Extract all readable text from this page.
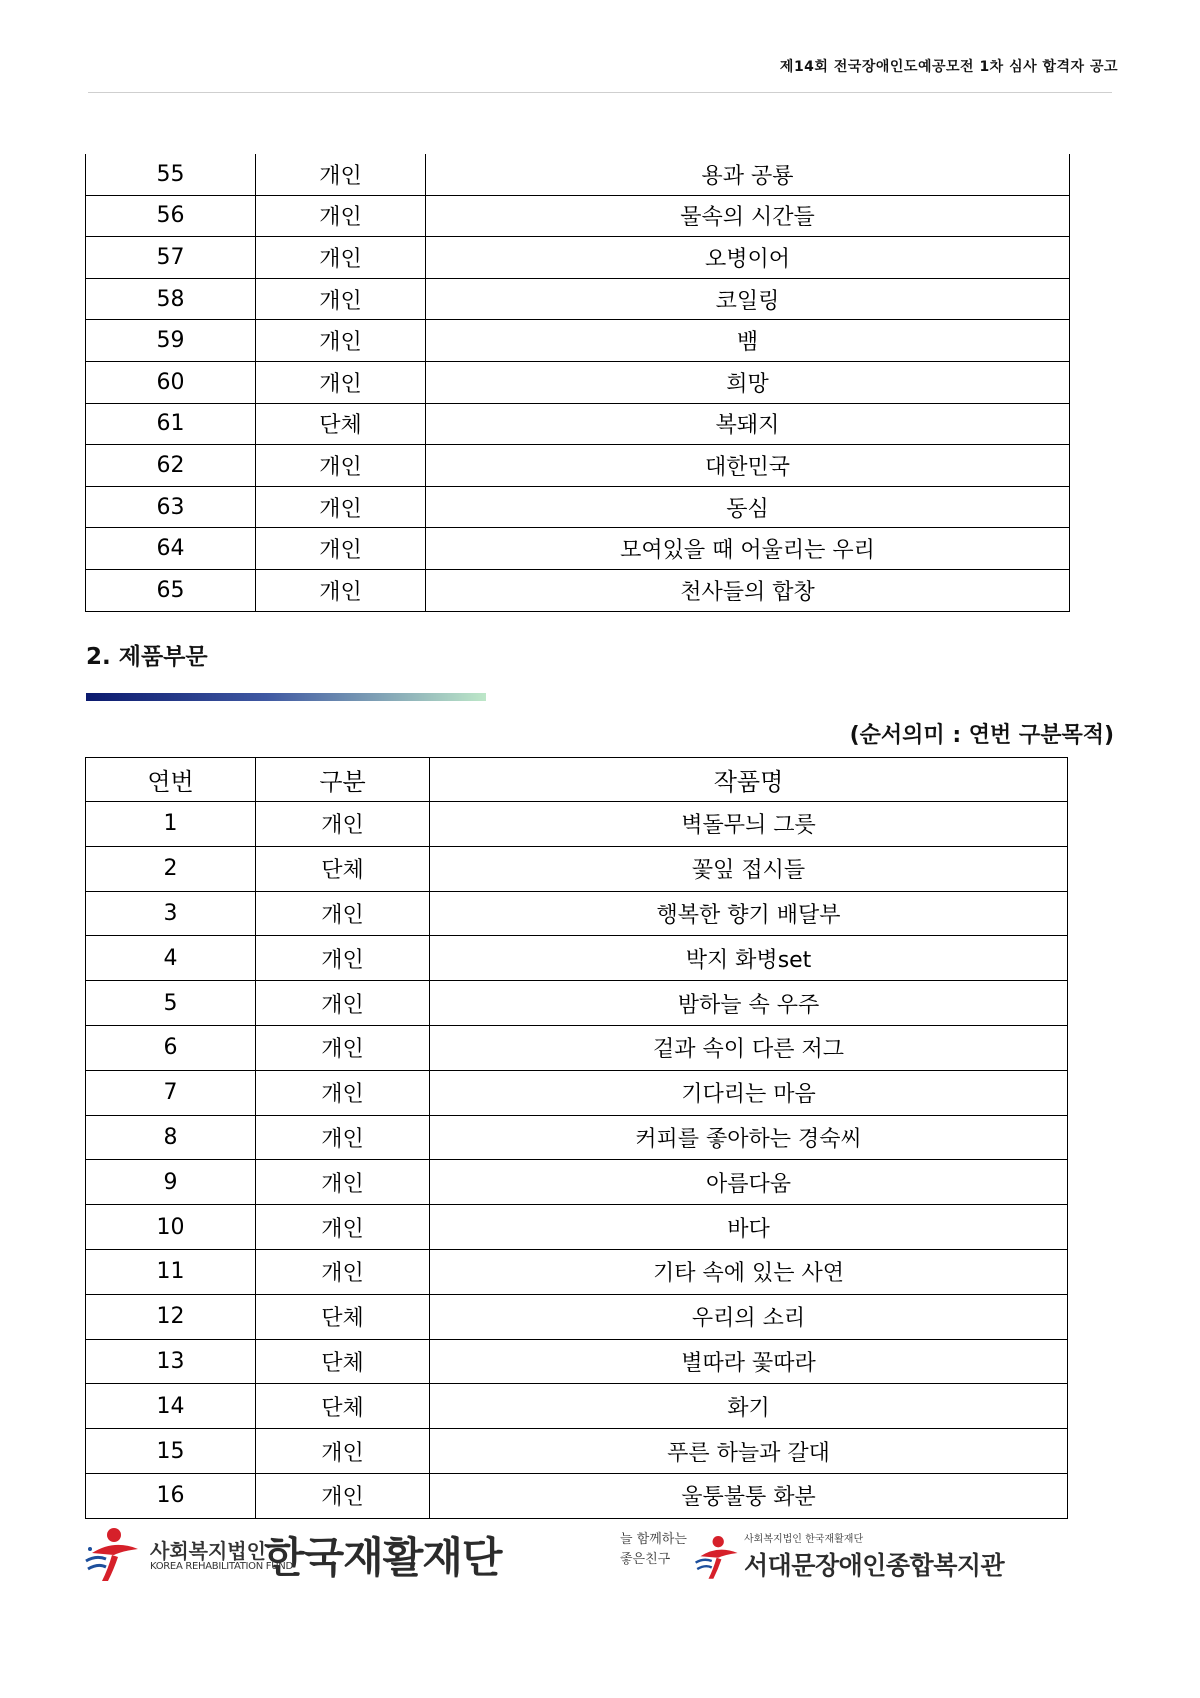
제14회 전국장애인도예공모전 1차 심사 합격자 공고
55	개인	용과 공룡
56	개인	물속의 시간들
57	개인	오병이어
58	개인	코일링
59	개인	뱀
60	개인	희망
61	단체	복돼지
62	개인	대한민국
63	개인	동심
64	개인	모여있을 때 어울리는 우리
65	개인	천사들의 합창
2. 제품부문
(순서의미 : 연번 구분목적)
연번	구분	작품명
1	개인	벽돌무늬 그릇
2	단체	꽃잎 접시들
3	개인	행복한 향기 배달부
4	개인	박지 화병set
5	개인	밤하늘 속 우주
6	개인	겉과 속이 다른 저그
7	개인	기다리는 마음
8	개인	커피를 좋아하는 경숙씨
9	개인	아름다움
10	개인	바다
11	개인	기타 속에 있는 사연
12	단체	우리의 소리
13	단체	별따라 꽃따라
14	단체	화기
15	개인	푸른 하늘과 갈대
16	개인	울퉁불퉁 화분
사회복지법인
KOREA REHABILITATION FUND
한국재활재단	늘 함께하는 좋은친구
사회복지법인 한국재활재단
서대문장애인종합복지관
